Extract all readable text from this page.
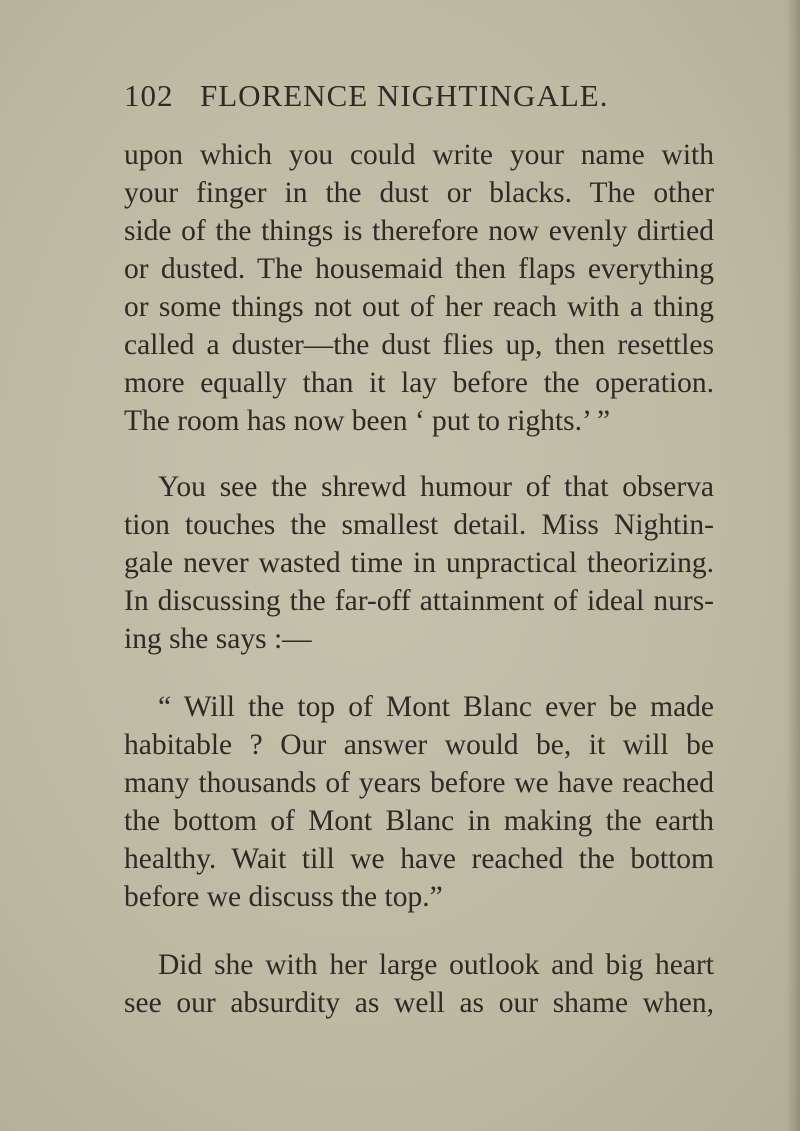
102 FLORENCE NIGHTINGALE.
upon which you could write your name with
your finger in the dust or blacks. The other
side of the things is therefore now evenly dirtied
or dusted. The housemaid then flaps everything
or some things not out of her reach with a thing
called a duster—the dust flies up, then resettles
more equally than it lay before the operation.
The room has now been ‘ put to rights.’ ”
You see the shrewd humour of that observa
tion touches the smallest detail. Miss Nightin-
gale never wasted time in unpractical theorizing.
In discussing the far-off attainment of ideal nurs-
ing she says :—
“ Will the top of Mont Blanc ever be made
habitable ? Our answer would be, it will be
many thousands of years before we have reached
the bottom of Mont Blanc in making the earth
healthy. Wait till we have reached the bottom
before we discuss the top.”
Did she with her large outlook and big heart
see our absurdity as well as our shame when,
